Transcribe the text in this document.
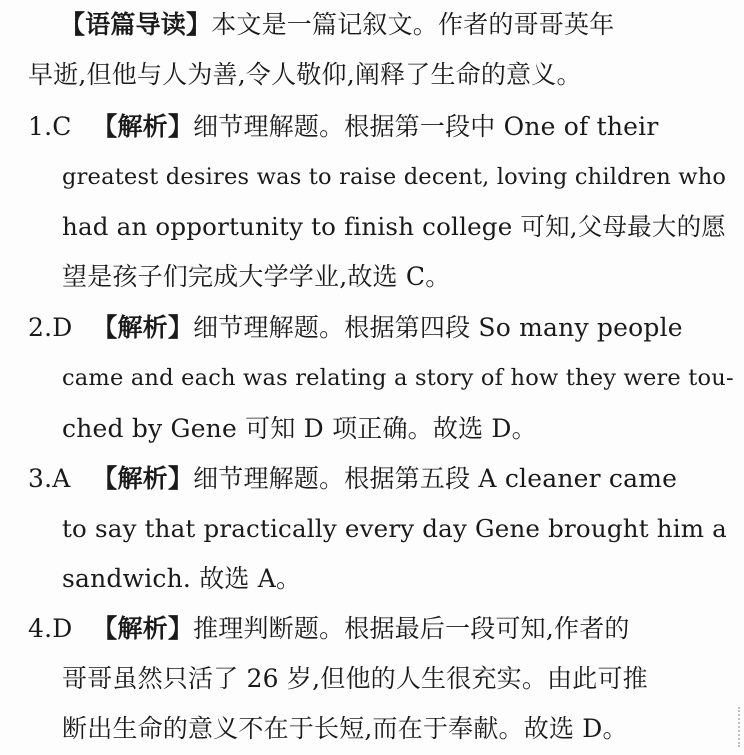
【语篇导读】本文是一篇记叙文。作者的哥哥英年
早逝,但他与人为善,令人敬仰,阐释了生命的意义。
1.C 【解析】细节理解题。根据第一段中 One of their
greatest desires was to raise decent, loving children who
had an opportunity to finish college 可知,父母最大的愿
望是孩子们完成大学学业,故选 C。
2.D 【解析】细节理解题。根据第四段 So many people
came and each was relating a story of how they were tou-
ched by Gene 可知 D 项正确。故选 D。
3.A 【解析】细节理解题。根据第五段 A cleaner came
to say that practically every day Gene brought him a
sandwich. 故选 A。
4.D 【解析】推理判断题。根据最后一段可知,作者的
哥哥虽然只活了 26 岁,但他的人生很充实。由此可推
断出生命的意义不在于长短,而在于奉献。故选 D。
